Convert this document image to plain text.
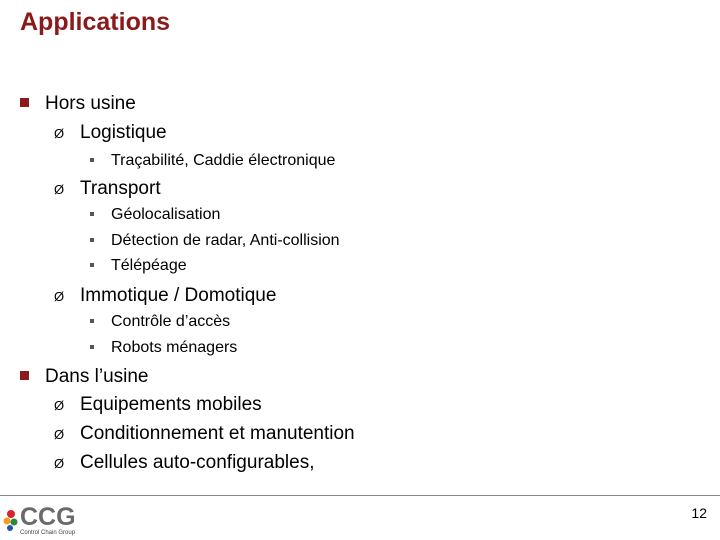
Applications
Hors usine
Ø Logistique
Traçabilité, Caddie électronique
Ø Transport
Géolocalisation
Détection de radar, Anti-collision
Télépéage
Ø Immotique / Domotique
Contrôle d’accès
Robots ménagers
Dans l’usine
Ø Equipements mobiles
Ø Conditionnement et manutention
Ø Cellules auto-configurables,
CCG
Control Chain Group
12
